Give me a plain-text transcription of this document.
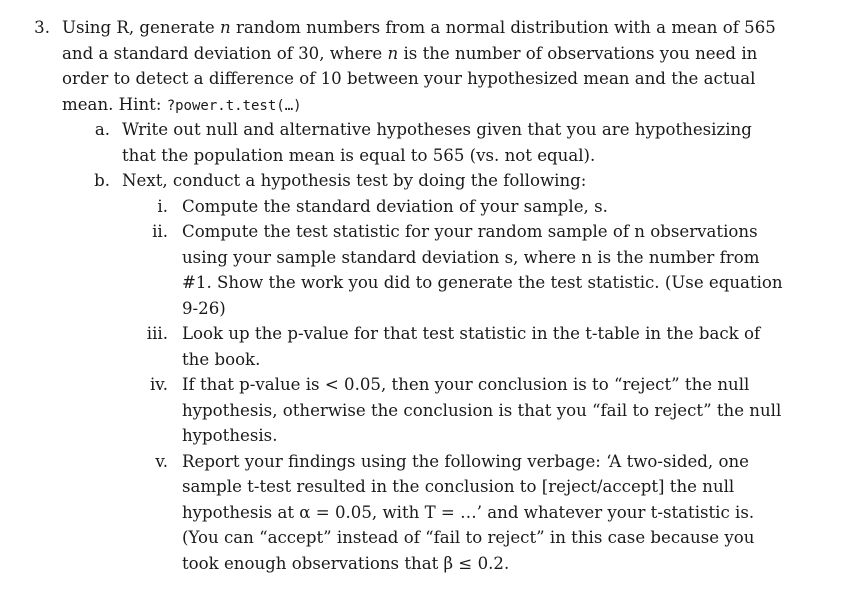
3. Using R, generate n random numbers from a normal distribution with a mean of 565
and a standard deviation of 30, where n is the number of observations you need in
order to detect a difference of 10 between your hypothesized mean and the actual
mean. Hint: ?power.t.test(…)
a. Write out null and alternative hypotheses given that you are hypothesizing
that the population mean is equal to 565 (vs. not equal).
b. Next, conduct a hypothesis test by doing the following:
i. Compute the standard deviation of your sample, s.
ii. Compute the test statistic for your random sample of n observations
using your sample standard deviation s, where n is the number from
#1. Show the work you did to generate the test statistic. (Use equation
9-26)
iii. Look up the p-value for that test statistic in the t-table in the back of
the book.
iv. If that p-value is < 0.05, then your conclusion is to “reject” the null
hypothesis, otherwise the conclusion is that you “fail to reject” the null
hypothesis.
v. Report your findings using the following verbage: ‘A two-sided, one
sample t-test resulted in the conclusion to [reject/accept] the null
hypothesis at α = 0.05, with T = …’ and whatever your t-statistic is.
(You can “accept” instead of “fail to reject” in this case because you
took enough observations that β ≤ 0.2.
